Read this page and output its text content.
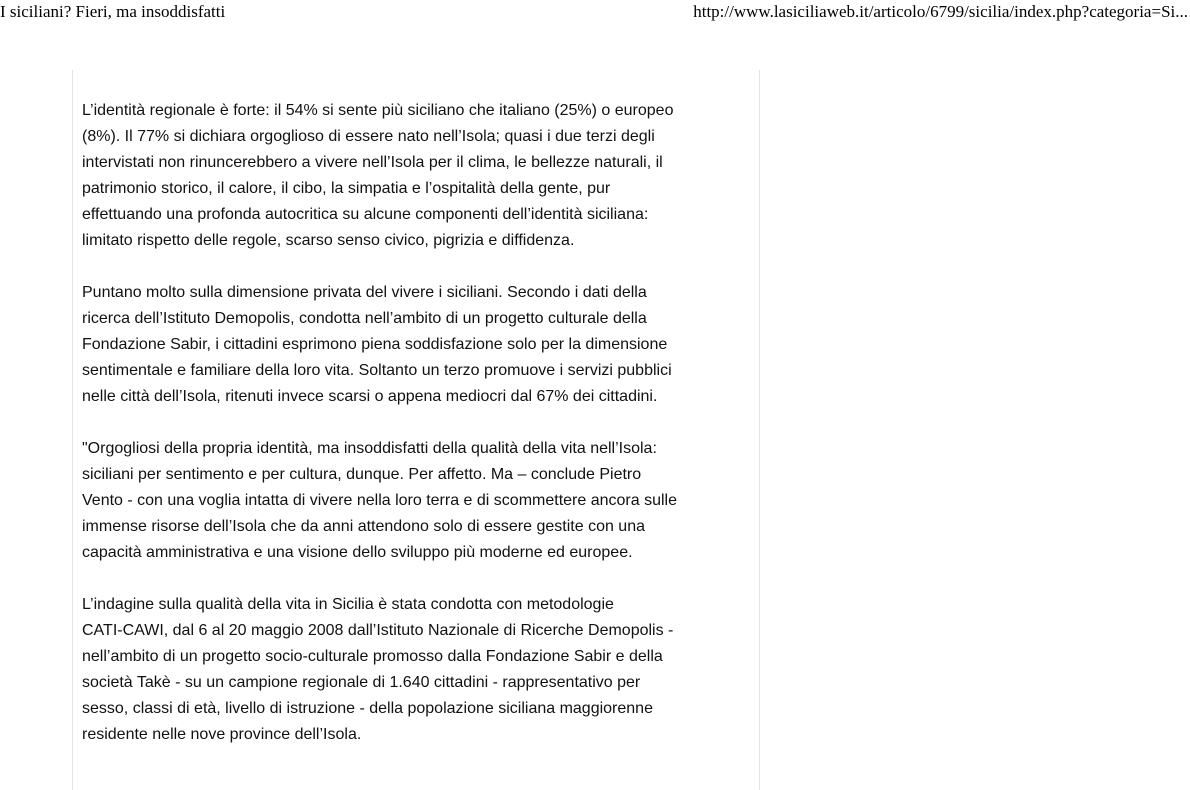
I siciliani? Fieri, ma insoddisfatti	http://www.lasiciliaweb.it/articolo/6799/sicilia/index.php?categoria=Si...

L’identità regionale è forte: il 54% si sente più siciliano che italiano (25%) o europeo
(8%). Il 77% si dichiara orgoglioso di essere nato nell’Isola; quasi i due terzi degli
intervistati non rinuncerebbero a vivere nell’Isola per il clima, le bellezze naturali, il
patrimonio storico, il calore, il cibo, la simpatia e l’ospitalità della gente, pur
effettuando una profonda autocritica su alcune componenti dell’identità siciliana:
limitato rispetto delle regole, scarso senso civico, pigrizia e diffidenza.

Puntano molto sulla dimensione privata del vivere i siciliani. Secondo i dati della
ricerca dell’Istituto Demopolis, condotta nell’ambito di un progetto culturale della
Fondazione Sabir, i cittadini esprimono piena soddisfazione solo per la dimensione
sentimentale e familiare della loro vita. Soltanto un terzo promuove i servizi pubblici
nelle città dell’Isola, ritenuti invece scarsi o appena mediocri dal 67% dei cittadini.

"Orgogliosi della propria identità, ma insoddisfatti della qualità della vita nell’Isola:
siciliani per sentimento e per cultura, dunque. Per affetto. Ma – conclude Pietro
Vento - con una voglia intatta di vivere nella loro terra e di scommettere ancora sulle
immense risorse dell’Isola che da anni attendono solo di essere gestite con una
capacità amministrativa e una visione dello sviluppo più moderne ed europee.

L’indagine sulla qualità della vita in Sicilia è stata condotta con metodologie
CATI-CAWI, dal 6 al 20 maggio 2008 dall’Istituto Nazionale di Ricerche Demopolis -
nell’ambito di un progetto socio-culturale promosso dalla Fondazione Sabir e della
società Takè - su un campione regionale di 1.640 cittadini - rappresentativo per
sesso, classi di età, livello di istruzione - della popolazione siciliana maggiorenne
residente nelle nove province dell’Isola.
